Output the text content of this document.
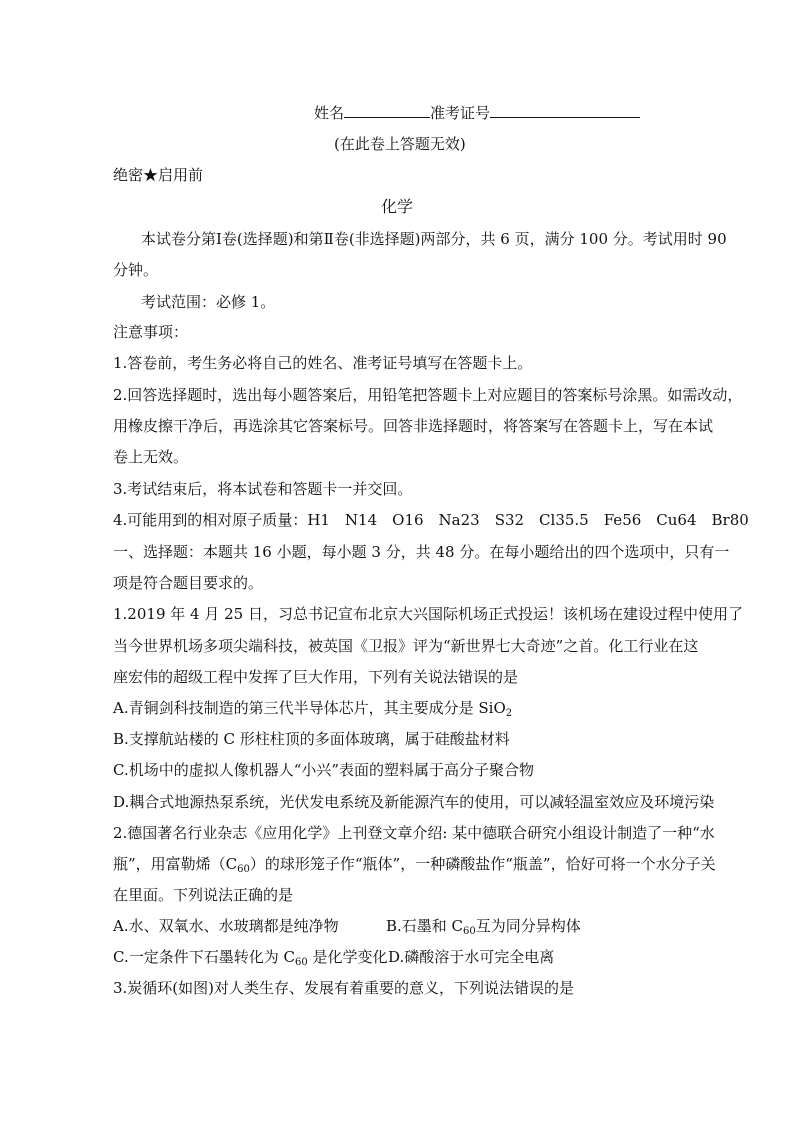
姓名	准考证号
(在此卷上答题无效)
绝密★启用前
化学
本试卷分第Ⅰ卷(选择题)和第Ⅱ卷(非选择题)两部分，共 6 页，满分 100 分。考试用时 90
分钟。
考试范围：必修 1。
注意事项：
1.答卷前，考生务必将自己的姓名、准考证号填写在答题卡上。
2.回答选择题时，选出每小题答案后，用铅笔把答题卡上对应题目的答案标号涂黑。如需改动，
用橡皮擦干净后，再选涂其它答案标号。回答非选择题时，将答案写在答题卡上，写在本试
卷上无效。
3.考试结束后，将本试卷和答题卡一并交回。
4.可能用到的相对原子质量：H1　N14　O16　Na23　S32　Cl35.5　Fe56　Cu64　Br80
一、选择题：本题共 16 小题，每小题 3 分，共 48 分。在每小题给出的四个选项中，只有一
项是符合题目要求的。
1.2019 年 4 月 25 日，习总书记宣布北京大兴国际机场正式投运！该机场在建设过程中使用了
当今世界机场多项尖端科技，被英国《卫报》评为“新世界七大奇迹”之首。化工行业在这
座宏伟的超级工程中发挥了巨大作用，下列有关说法错误的是
A.青铜剑科技制造的第三代半导体芯片，其主要成分是 SiO$_2$
B.支撑航站楼的 C 形柱柱顶的多面体玻璃，属于硅酸盐材料
C.机场中的虚拟人像机器人“小兴”表面的塑料属于高分子聚合物
D.耦合式地源热泵系统，光伏发电系统及新能源汽车的使用，可以减轻温室效应及环境污染
2.德国著名行业杂志《应用化学》上刊登文章介绍: 某中德联合研究小组设计制造了一种“水
瓶”，用富勒烯$(C_{60})$的球形笼子作“瓶体”，一种磷酸盐作“瓶盖”，恰好可将一个水分子关
在里面。下列说法正确的是
A.水、双氧水、水玻璃都是纯净物	B.石墨和 $C_{60}$互为同分异构体
C.一定条件下石墨转化为 $C_{60}$ 是化学变化 D.磷酸溶于水可完全电离
3.炭循环(如图)对人类生存、发展有着重要的意义，下列说法错误的是
